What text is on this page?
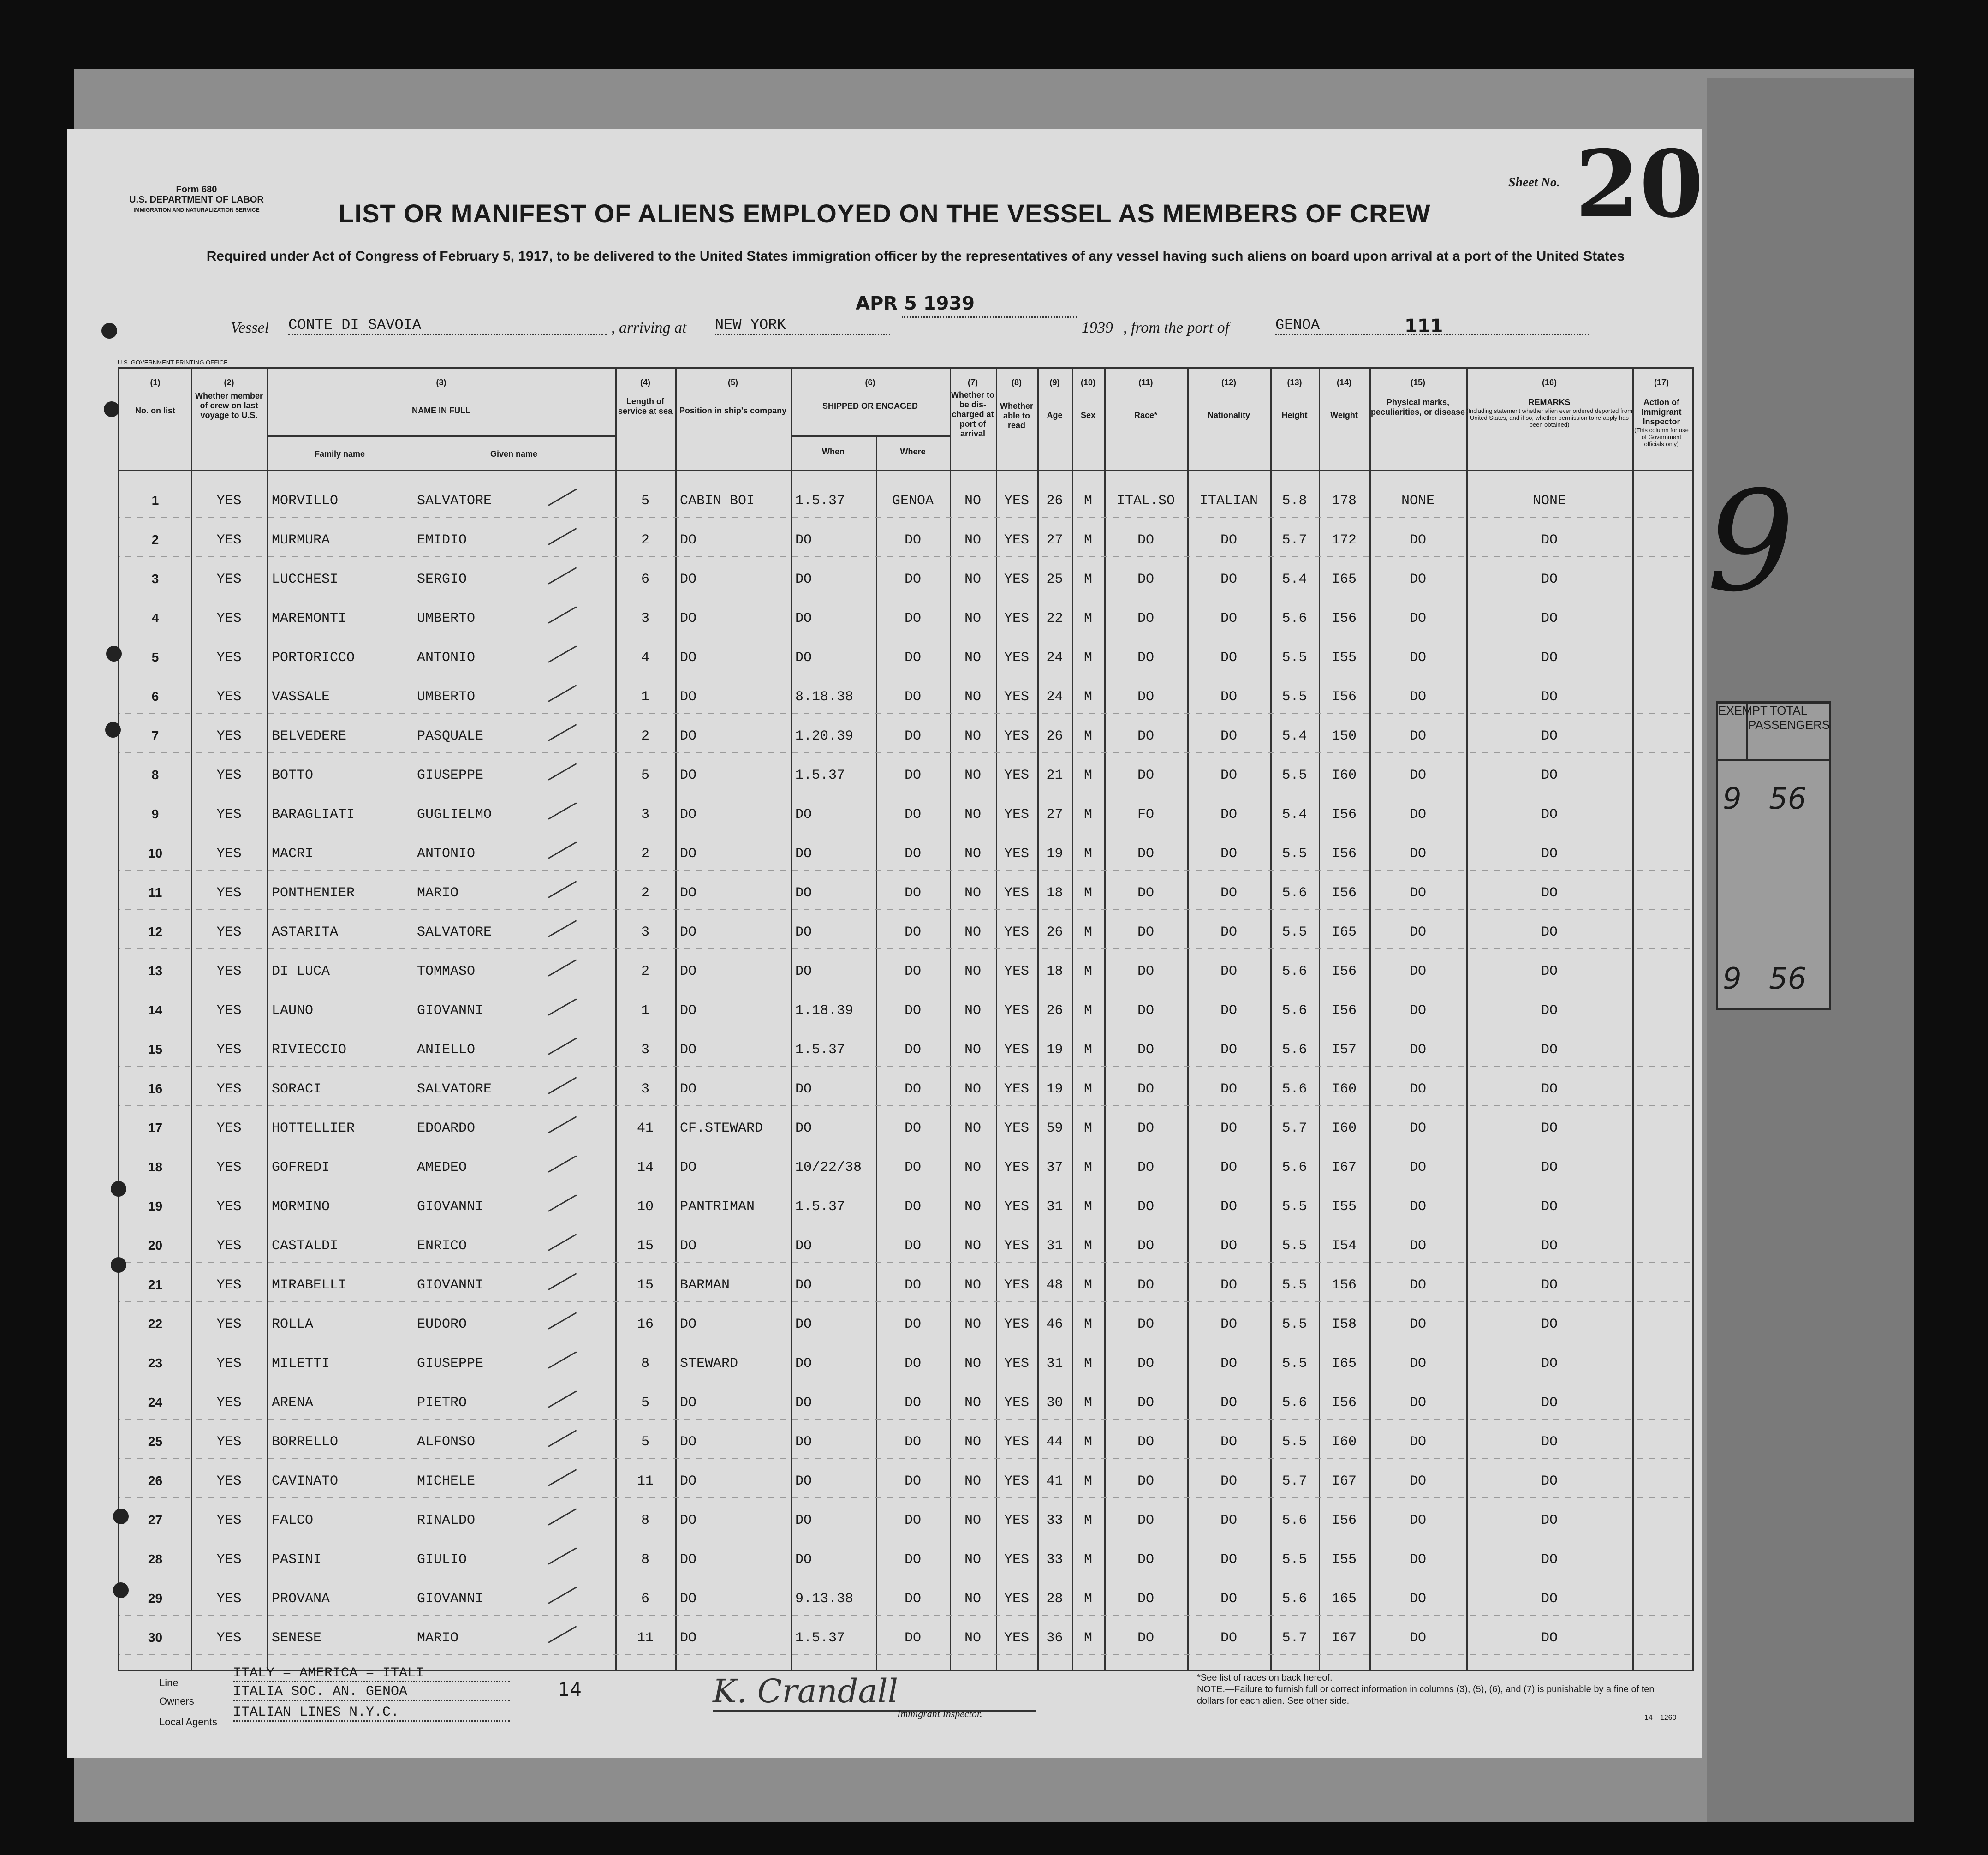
9
EXEMPT TOTAL PASSENGERS
9 56
9 56
Form 680
U.S. DEPARTMENT OF LABOR
IMMIGRATION AND NATURALIZATION SERVICE
Sheet No. 20
LIST OR MANIFEST OF ALIENS EMPLOYED ON THE VESSEL AS MEMBERS OF CREW
Required under Act of Congress of February 5, 1917, to be delivered to the United States immigration officer by the representatives of any vessel having such aliens on board upon arrival at a port of the United States
Vessel CONTE DI SAVOIA	, arriving at NEW YORK
APR 5 1939
1939 , from the port of	GENOA	111
U.S. GOVERNMENT PRINTING OFFICE
(1)
No. on list
(2)
Whether member of crew on last voyage to U.S.
(3)
NAME IN FULL
Family name	Given name
(4)
Length of service at sea
(5)
Position in ship's company
(6)
SHIPPED OR ENGAGED
When	Where
(7)
Whether to be dis-charged at port of arrival
(8)
Whether able to read
(9)
Age
(10)
Sex
(11)
Race*
(12)
Nationality
(13)
Height
(14)
Weight
(15)
Physical marks, peculiarities, or disease
(16)
REMARKS
(Including statement whether alien ever ordered deported from United States, and if so, whether permission to re-apply has been obtained)
(17)
Action of Immigrant Inspector
(This column for use of Government officials only)
1	YES	MORVILLO	SALVATORE	5	CABIN BOI	1.5.37	GENOA	NO	YES	26	M	ITAL.SO	ITALIAN	5.8	178	NONE	NONE
2	YES	MURMURA	EMIDIO	2	DO	DO	DO	NO	YES	27	M	DO	DO	5.7	172	DO	DO
3	YES	LUCCHESI	SERGIO	6	DO	DO	DO	NO	YES	25	M	DO	DO	5.4	I65	DO	DO
4	YES	MAREMONTI	UMBERTO	3	DO	DO	DO	NO	YES	22	M	DO	DO	5.6	I56	DO	DO
5	YES	PORTORICCO	ANTONIO	4	DO	DO	DO	NO	YES	24	M	DO	DO	5.5	I55	DO	DO
6	YES	VASSALE	UMBERTO	1	DO	8.18.38	DO	NO	YES	24	M	DO	DO	5.5	I56	DO	DO
7	YES	BELVEDERE	PASQUALE	2	DO	1.20.39	DO	NO	YES	26	M	DO	DO	5.4	150	DO	DO
8	YES	BOTTO	GIUSEPPE	5	DO	1.5.37	DO	NO	YES	21	M	DO	DO	5.5	I60	DO	DO
9	YES	BARAGLIATI	GUGLIELMO	3	DO	DO	DO	NO	YES	27	M	FO	DO	5.4	I56	DO	DO
10	YES	MACRI	ANTONIO	2	DO	DO	DO	NO	YES	19	M	DO	DO	5.5	I56	DO	DO
11	YES	PONTHENIER	MARIO	2	DO	DO	DO	NO	YES	18	M	DO	DO	5.6	I56	DO	DO
12	YES	ASTARITA	SALVATORE	3	DO	DO	DO	NO	YES	26	M	DO	DO	5.5	I65	DO	DO
13	YES	DI LUCA	TOMMASO	2	DO	DO	DO	NO	YES	18	M	DO	DO	5.6	I56	DO	DO
14	YES	LAUNO	GIOVANNI	1	DO	1.18.39	DO	NO	YES	26	M	DO	DO	5.6	I56	DO	DO
15	YES	RIVIECCIO	ANIELLO	3	DO	1.5.37	DO	NO	YES	19	M	DO	DO	5.6	I57	DO	DO
16	YES	SORACI	SALVATORE	3	DO	DO	DO	NO	YES	19	M	DO	DO	5.6	I60	DO	DO
17	YES	HOTTELLIER	EDOARDO	41	CF.STEWARD	DO	DO	NO	YES	59	M	DO	DO	5.7	I60	DO	DO
18	YES	GOFREDI	AMEDEO	14	DO	10/22/38	DO	NO	YES	37	M	DO	DO	5.6	I67	DO	DO
19	YES	MORMINO	GIOVANNI	10	PANTRIMAN	1.5.37	DO	NO	YES	31	M	DO	DO	5.5	I55	DO	DO
20	YES	CASTALDI	ENRICO	15	DO	DO	DO	NO	YES	31	M	DO	DO	5.5	I54	DO	DO
21	YES	MIRABELLI	GIOVANNI	15	BARMAN	DO	DO	NO	YES	48	M	DO	DO	5.5	156	DO	DO
22	YES	ROLLA	EUDORO	16	DO	DO	DO	NO	YES	46	M	DO	DO	5.5	I58	DO	DO
23	YES	MILETTI	GIUSEPPE	8	STEWARD	DO	DO	NO	YES	31	M	DO	DO	5.5	I65	DO	DO
24	YES	ARENA	PIETRO	5	DO	DO	DO	NO	YES	30	M	DO	DO	5.6	I56	DO	DO
25	YES	BORRELLO	ALFONSO	5	DO	DO	DO	NO	YES	44	M	DO	DO	5.5	I60	DO	DO
26	YES	CAVINATO	MICHELE	11	DO	DO	DO	NO	YES	41	M	DO	DO	5.7	I67	DO	DO
27	YES	FALCO	RINALDO	8	DO	DO	DO	NO	YES	33	M	DO	DO	5.6	I56	DO	DO
28	YES	PASINI	GIULIO	8	DO	DO	DO	NO	YES	33	M	DO	DO	5.5	I55	DO	DO
29	YES	PROVANA	GIOVANNI	6	DO	9.13.38	DO	NO	YES	28	M	DO	DO	5.6	165	DO	DO
30	YES	SENESE	MARIO	11	DO	1.5.37	DO	NO	YES	36	M	DO	DO	5.7	I67	DO	DO
Line
ITALY = AMERICA = ITALI
Owners
ITALIA SOC. AN. GENOA
Local Agents
ITALIAN LINES N.Y.C.
14	K. Crandall
Immigrant Inspector.
*See list of races on back hereof.
NOTE.—Failure to furnish full or correct information in columns (3), (5), (6), and (7) is punishable by a fine of ten dollars for each alien. See other side.
14—1260
